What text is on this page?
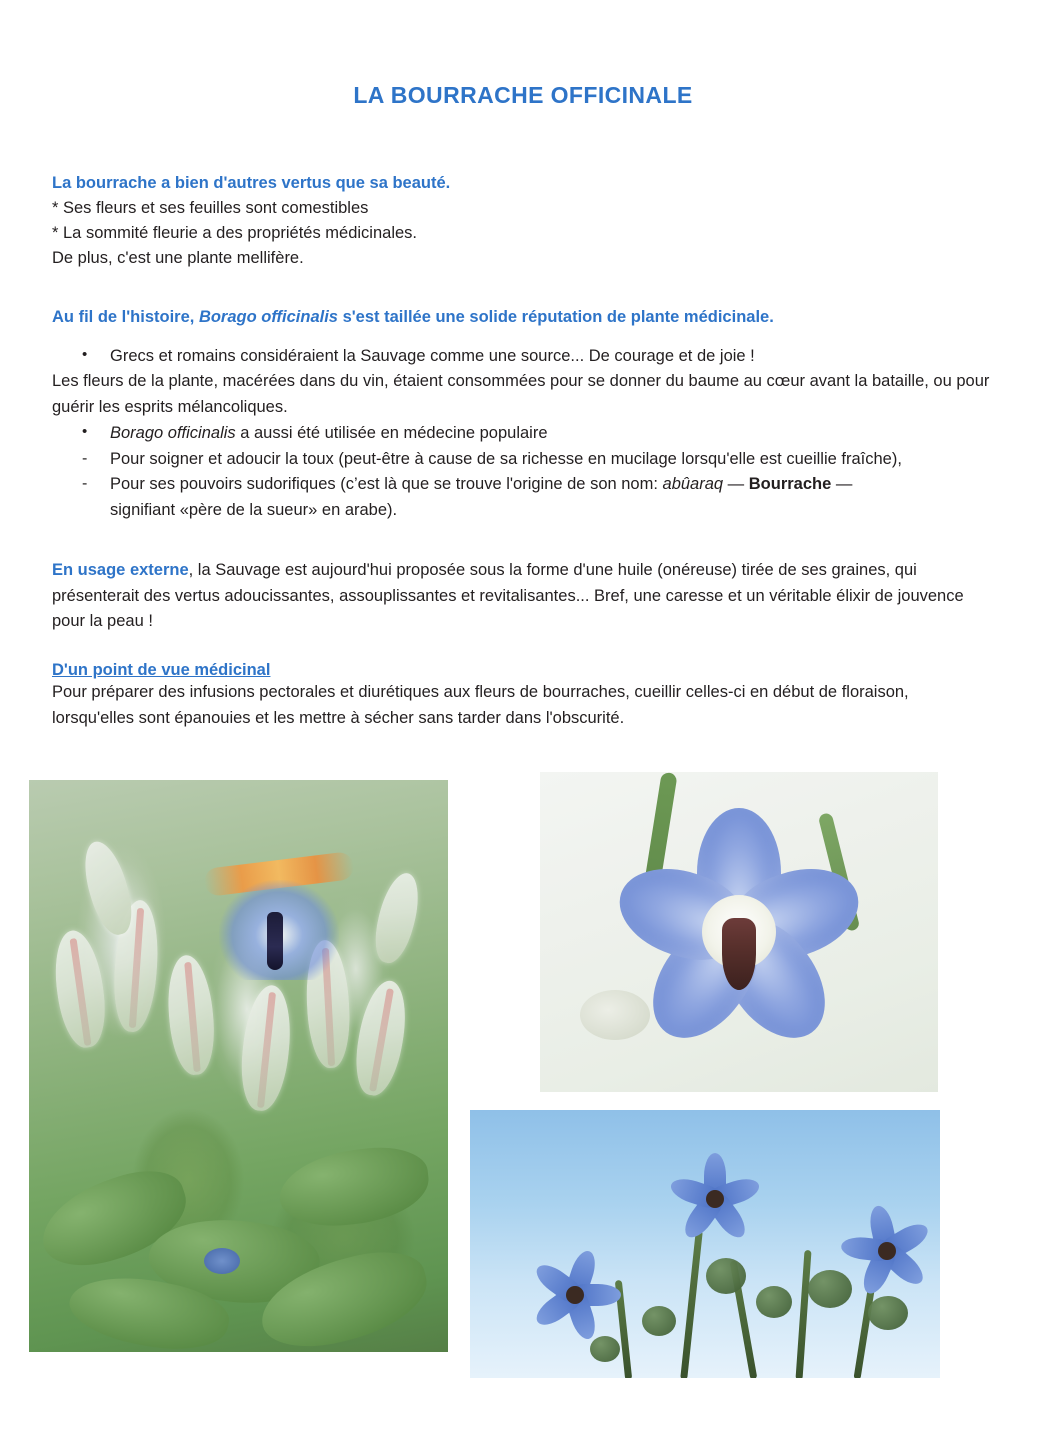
LA BOURRACHE OFFICINALE

La bourrache a bien d'autres vertus que sa beauté.

* Ses fleurs et ses feuilles sont comestibles

* La sommité fleurie a des propriétés médicinales.

De plus, c'est une plante mellifère.

Au fil de l'histoire, Borago officinalis s'est taillée une solide réputation de plante médicinale.

• Grecs et romains considéraient la Sauvage comme une source... De courage et de joie !

Les fleurs de la plante, macérées dans du vin, étaient consommées pour se donner du baume au cœur avant la bataille, ou pour guérir les esprits mélancoliques.

• Borago officinalis a aussi été utilisée en médecine populaire
- Pour soigner et adoucir la toux (peut-être à cause de sa richesse en mucilage lorsqu'elle est cueillie fraîche),
- Pour ses pouvoirs sudorifiques (c’est là que se trouve l'origine de son nom: abûaraq — Bourrache —
signifiant «père de la sueur» en arabe).

En usage externe, la Sauvage est aujourd'hui proposée sous la forme d'une huile (onéreuse) tirée de ses graines, qui présenterait des vertus adoucissantes, assouplissantes et revitalisantes... Bref, une caresse et un véritable élixir de jouvence pour la peau !

D'un point de vue médicinal

Pour préparer des infusions pectorales et diurétiques aux fleurs de bourraches, cueillir celles-ci en début de floraison, lorsqu'elles sont épanouies et les mettre à sécher sans tarder dans l'obscurité.
